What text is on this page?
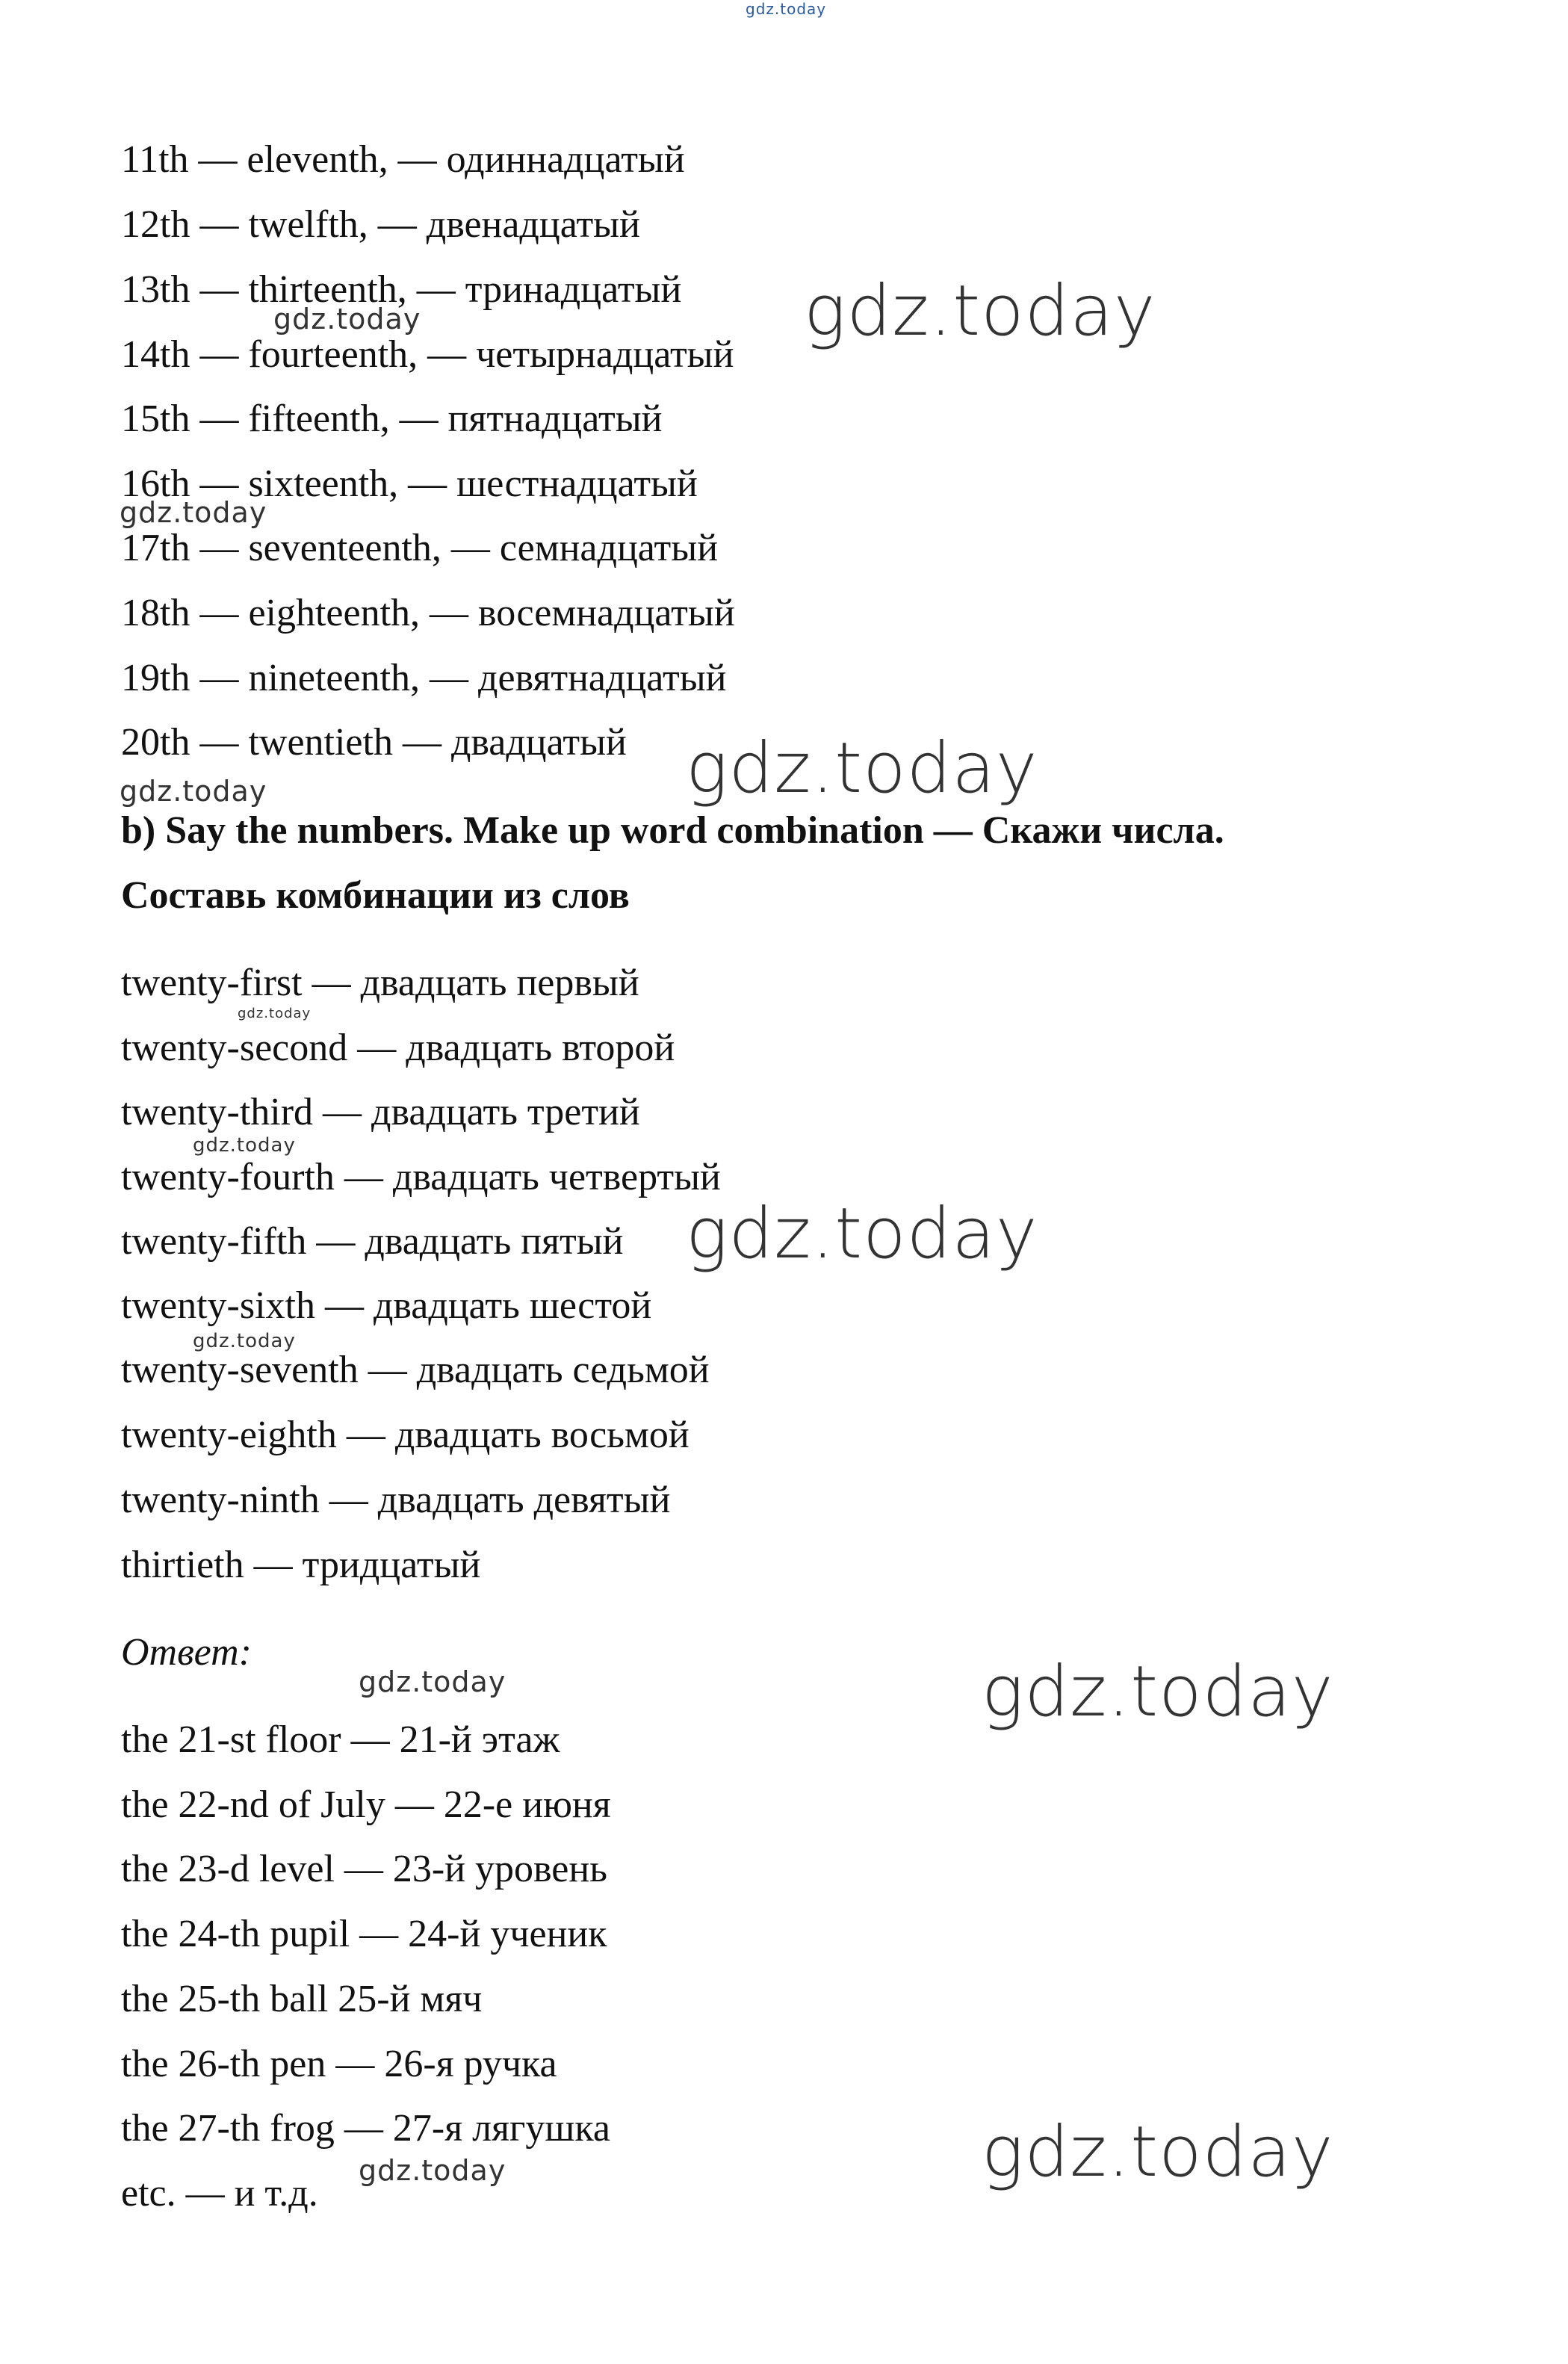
11th — eleventh, — одиннадцатый
12th — twelfth, — двенадцатый
13th — thirteenth, — тринадцатый
14th — fourteenth, — четырнадцатый
15th — fifteenth, — пятнадцатый
16th — sixteenth, — шестнадцатый
17th — seventeenth, — семнадцатый
18th — eighteenth, — восемнадцатый
19th — nineteenth, — девятнадцатый
20th — twentieth — двадцатый
b) Say the numbers. Make up word combination — Скажи числа.
Составь комбинации из слов
twenty-first — двадцать первый
twenty-second — двадцать второй
twenty-third — двадцать третий
twenty-fourth — двадцать четвертый
twenty-fifth — двадцать пятый
twenty-sixth — двадцать шестой
twenty-seventh — двадцать седьмой
twenty-eighth — двадцать восьмой
twenty-ninth — двадцать девятый
thirtieth — тридцатый
Ответ:
the 21-st floor — 21-й этаж
the 22-nd of July — 22-е июня
the 23-d level — 23-й уровень
the 24-th pupil — 24-й ученик
the 25-th ball 25-й мяч
the 26-th pen — 26-я ручка
the 27-th frog — 27-я лягушка
etc. — и т.д.
gdz.today
gdz.today	gdz.today
gdz.today
gdz.today
gdz.today
gdz.today
gdz.today
gdz.today
gdz.today
gdz.today	gdz.today
gdz.today	gdz.today
